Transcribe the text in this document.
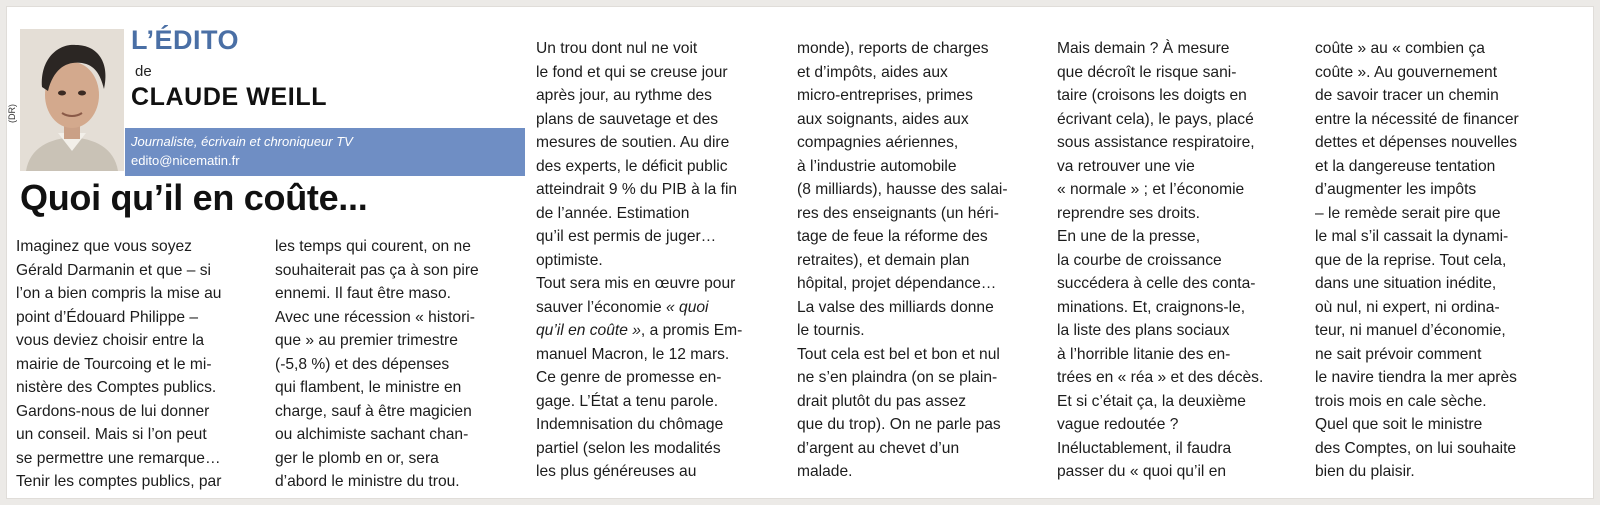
(DR)
L’ÉDITO
de
CLAUDE WEILL
Journaliste, écrivain et chroniqueur TV
edito@nicematin.fr
Quoi qu’il en coûte...
Imaginez que vous soyez
Gérald Darmanin et que – si
l’on a bien compris la mise au
point d’Édouard Philippe –
vous deviez choisir entre la
mairie de Tourcoing et le mi-
nistère des Comptes publics.
Gardons-nous de lui donner
un conseil. Mais si l’on peut
se permettre une remarque…
Tenir les comptes publics, par
les temps qui courent, on ne
souhaiterait pas ça à son pire
ennemi. Il faut être maso.
Avec une récession « histori-
que » au premier trimestre
(-5,8 %) et des dépenses
qui flambent, le ministre en
charge, sauf à être magicien
ou alchimiste sachant chan-
ger le plomb en or, sera
d’abord le ministre du trou.
Un trou dont nul ne voit
le fond et qui se creuse jour
après jour, au rythme des
plans de sauvetage et des
mesures de soutien. Au dire
des experts, le déficit public
atteindrait 9 % du PIB à la fin
de l’année. Estimation
qu’il est permis de juger…
optimiste.
Tout sera mis en œuvre pour
sauver l’économie « quoi
qu’il en coûte », a promis Em-
manuel Macron, le 12 mars.
Ce genre de promesse en-
gage. L’État a tenu parole.
Indemnisation du chômage
partiel (selon les modalités
les plus généreuses au
monde), reports de charges
et d’impôts, aides aux
micro-entreprises, primes
aux soignants, aides aux
compagnies aériennes,
à l’industrie automobile
(8 milliards), hausse des salai-
res des enseignants (un héri-
tage de feue la réforme des
retraites), et demain plan
hôpital, projet dépendance…
La valse des milliards donne
le tournis.
Tout cela est bel et bon et nul
ne s’en plaindra (on se plain-
drait plutôt du pas assez
que du trop). On ne parle pas
d’argent au chevet d’un
malade.
Mais demain ? À mesure
que décroît le risque sani-
taire (croisons les doigts en
écrivant cela), le pays, placé
sous assistance respiratoire,
va retrouver une vie
« normale » ; et l’économie
reprendre ses droits.
En une de la presse,
la courbe de croissance
succédera à celle des conta-
minations. Et, craignons-le,
la liste des plans sociaux
à l’horrible litanie des en-
trées en « réa » et des décès.
Et si c’était ça, la deuxième
vague redoutée ?
Inéluctablement, il faudra
passer du « quoi qu’il en
coûte » au « combien ça
coûte ». Au gouvernement
de savoir tracer un chemin
entre la nécessité de financer
dettes et dépenses nouvelles
et la dangereuse tentation
d’augmenter les impôts
– le remède serait pire que
le mal s’il cassait la dynami-
que de la reprise. Tout cela,
dans une situation inédite,
où nul, ni expert, ni ordina-
teur, ni manuel d’économie,
ne sait prévoir comment
le navire tiendra la mer après
trois mois en cale sèche.
Quel que soit le ministre
des Comptes, on lui souhaite
bien du plaisir.
